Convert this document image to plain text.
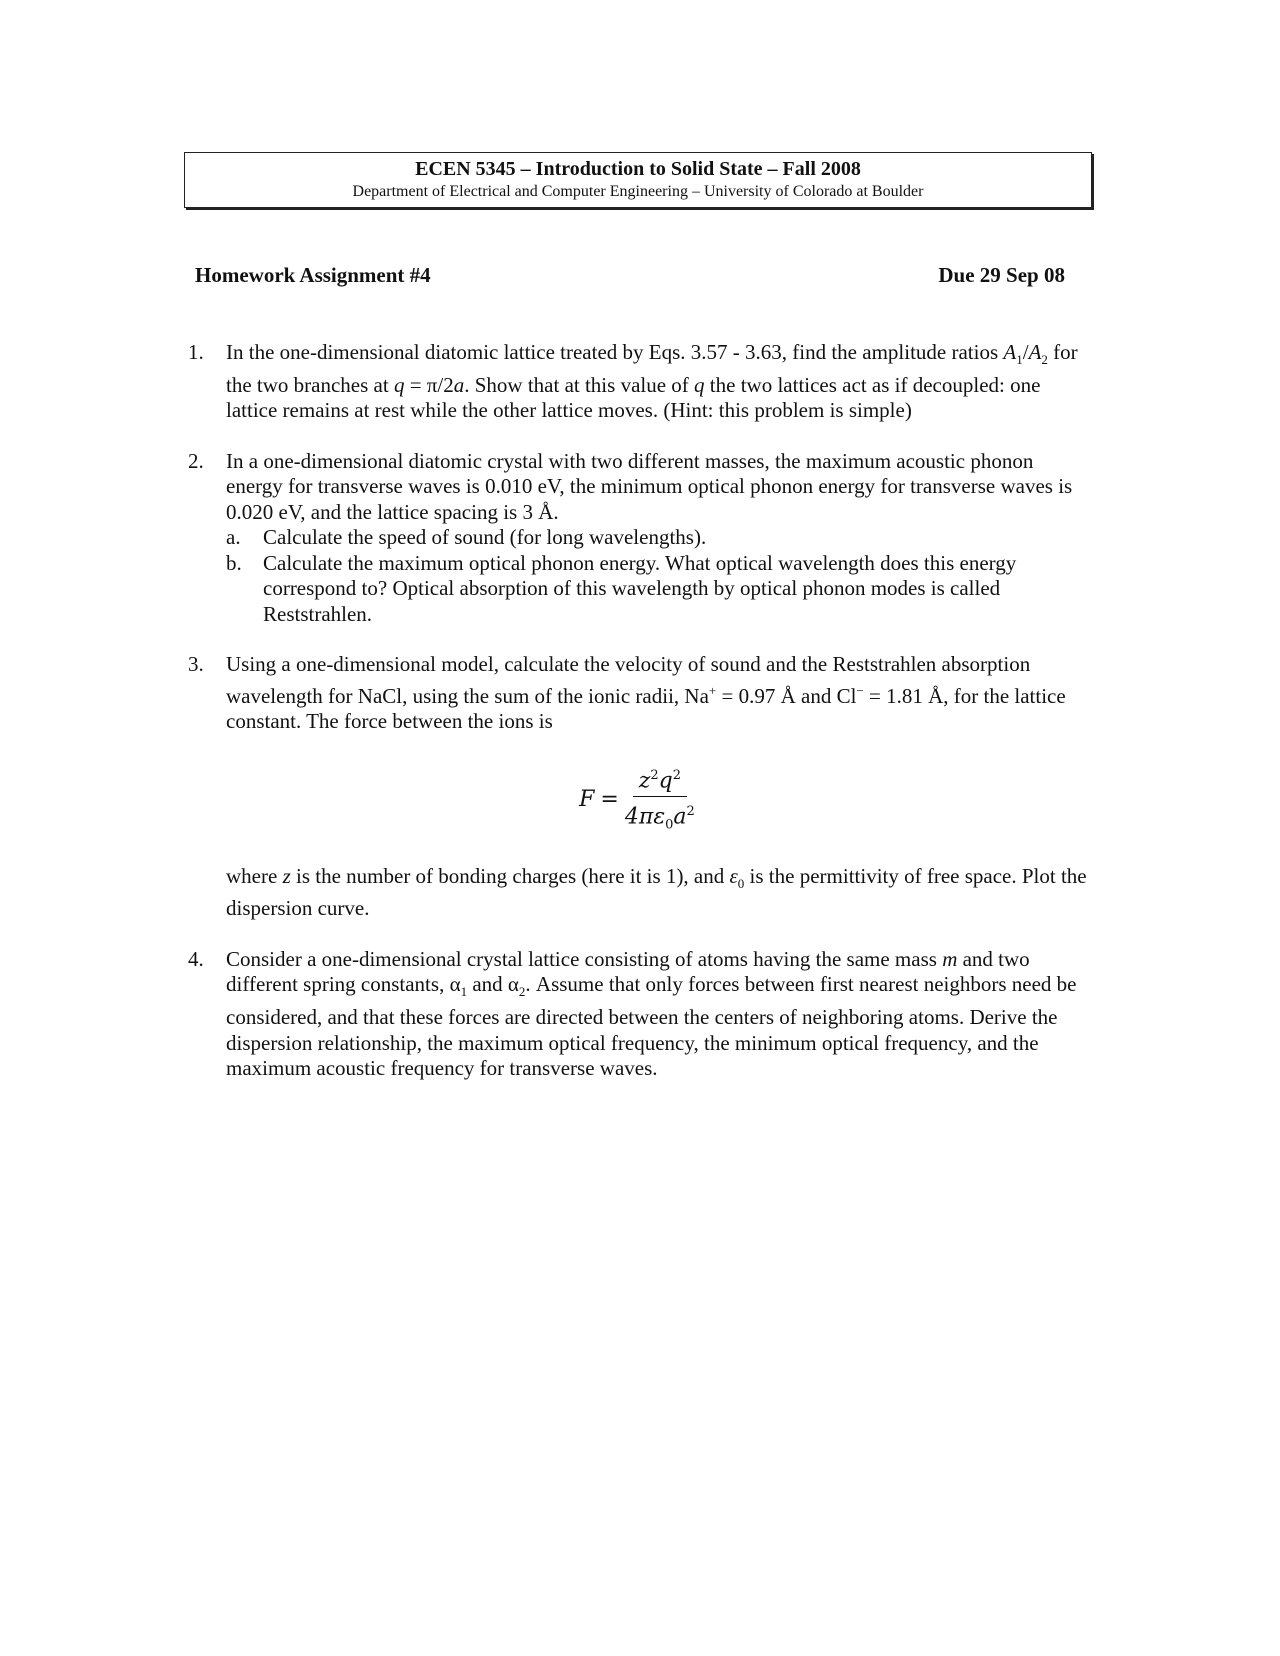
ECEN 5345 – Introduction to Solid State – Fall 2008
Department of Electrical and Computer Engineering – University of Colorado at Boulder
Homework Assignment #4	Due 29 Sep 08
1. In the one-dimensional diatomic lattice treated by Eqs. 3.57 - 3.63, find the amplitude ratios $A_1/A_2$ for the two branches at q = π/2a. Show that at this value of q the two lattices act as if decoupled: one lattice remains at rest while the other lattice moves. (Hint: this problem is simple)
2. In a one-dimensional diatomic crystal with two different masses, the maximum acoustic phonon energy for transverse waves is 0.010 eV, the minimum optical phonon energy for transverse waves is 0.020 eV, and the lattice spacing is 3 Å.
a. Calculate the speed of sound (for long wavelengths).
b. Calculate the maximum optical phonon energy. What optical wavelength does this energy correspond to? Optical absorption of this wavelength by optical phonon modes is called Reststrahlen.
3. Using a one-dimensional model, calculate the velocity of sound and the Reststrahlen absorption wavelength for NaCl, using the sum of the ionic radii, Na+ = 0.97 Å and Cl− = 1.81 Å, for the lattice constant. The force between the ions is
$F = \frac{z^2q^2}{4\pi\varepsilon_0a^2}$
where z is the number of bonding charges (here it is 1), and $\varepsilon_0$ is the permittivity of free space. Plot the dispersion curve.
4. Consider a one-dimensional crystal lattice consisting of atoms having the same mass m and two different spring constants, $\alpha_1$ and $\alpha_2$. Assume that only forces between first nearest neighbors need be considered, and that these forces are directed between the centers of neighboring atoms. Derive the dispersion relationship, the maximum optical frequency, the minimum optical frequency, and the maximum acoustic frequency for transverse waves.
